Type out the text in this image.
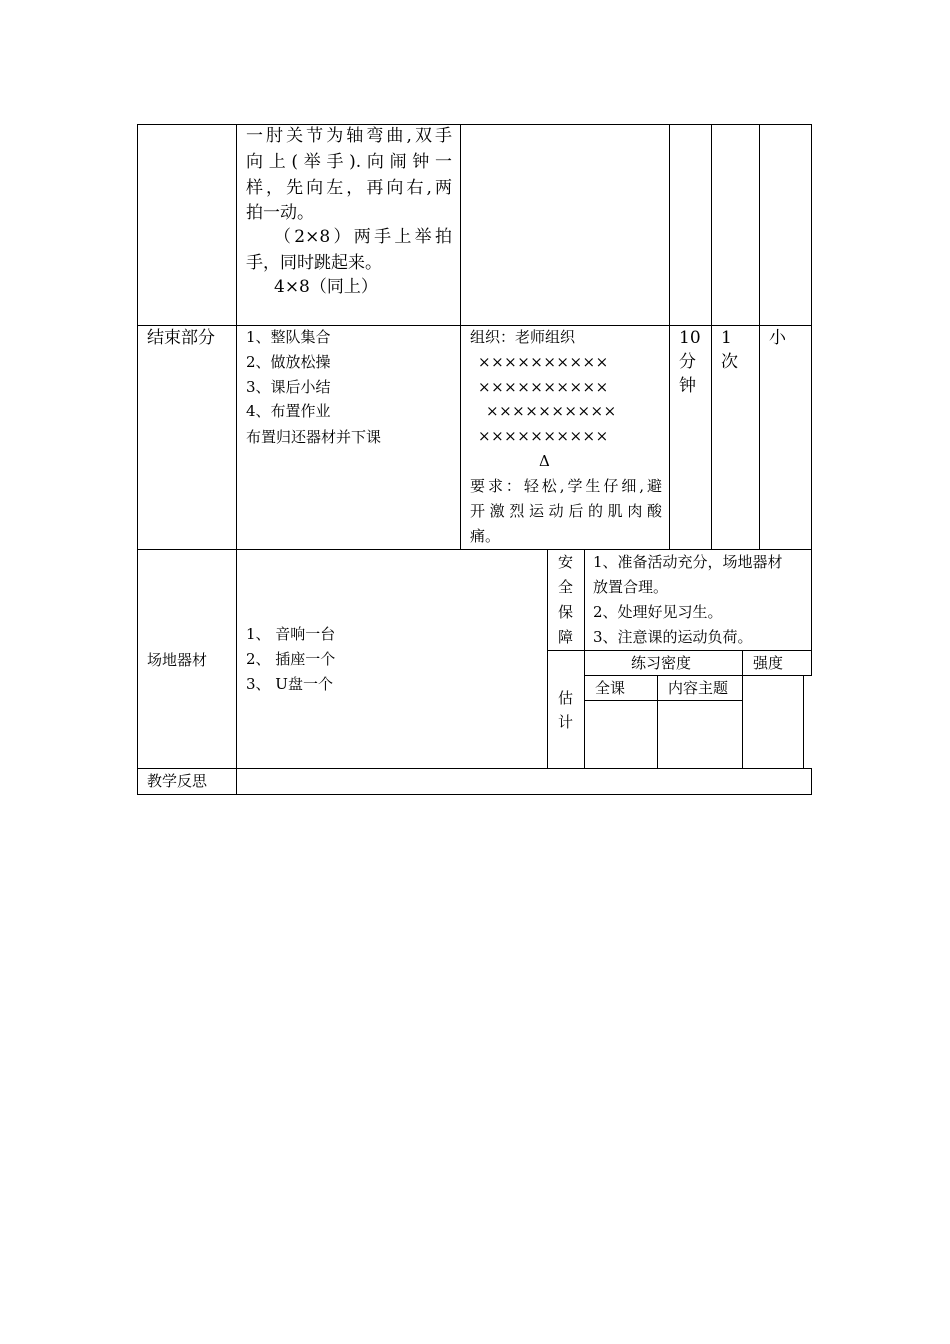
一肘关节为轴弯曲,双手
向上(举手).向闹钟一
样，先向左，再向右,两
拍一动。
（2×8）两手上举拍
手，同时跳起来。
4×8（同上）
结束部分 1、整队集合
2、做放松操
3、课后小结
4、布置作业
布置归还器材并下课
组织：老师组织
××××××××××
××××××××××
××××××××××
××××××××××
Δ
要求：轻松,学生仔细,避
开激烈运动后的肌肉酸
痛。
10
分
钟
1
次
小
场地器材
1、 音响一台
2、 插座一个
3、 U盘一个
安
全
保
障
1、准备活动充分，场地器材
放置合理。
2、处理好见习生。
3、注意课的运动负荷。
估
计
练习密度	强度
全课	内容主题
教学反思
